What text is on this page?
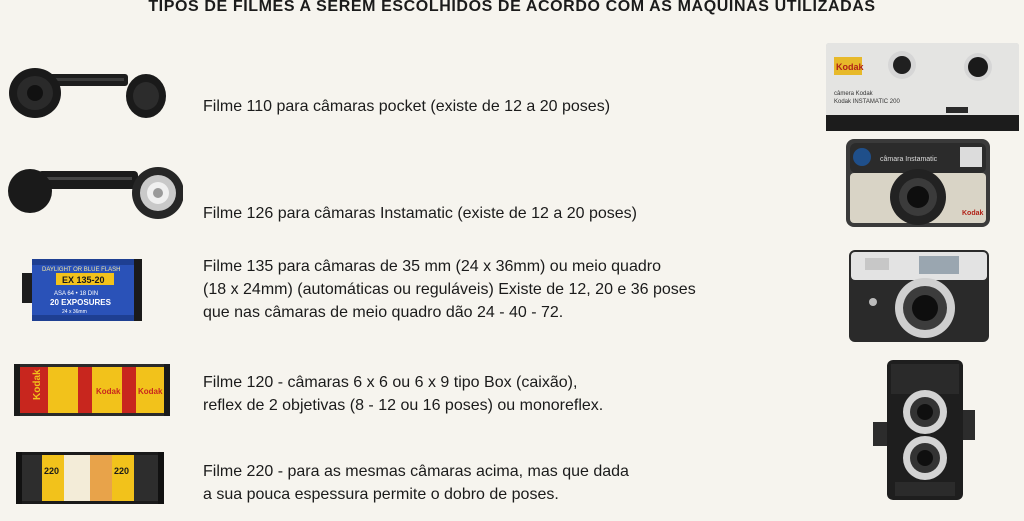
TIPOS DE FILMES A SEREM ESCOLHIDOS DE ACORDO COM AS MAQUINAS UTILIZADAS
Filme 110 para câmaras pocket (existe de 12 a 20 poses)
Kodak
câmera Kodak
Kodak INSTAMATIC 200
Filme 126 para câmaras Instamatic (existe de 12 a 20 poses)
câmara Instamatic
Kodak
DAYLIGHT OR BLUE FLASH
EX 135-20
ASA 64 • 18 DIN
20 EXPOSURES
24 x 36mm
Filme 135 para câmaras de 35 mm (24 x 36mm) ou meio quadro
(18 x 24mm) (automáticas ou reguláveis) Existe de 12, 20 e 36 poses
que nas câmaras de meio quadro dão 24 - 40 - 72.
Kodak	Kodak Kodak
Filme 120 - câmaras 6 x 6 ou 6 x 9 tipo Box (caixão),
reflex de 2 objetivas (8 - 12 ou 16 poses) ou monoreflex.
220	220	Filme 220 - para as mesmas câmaras acima, mas que dada
a sua pouca espessura permite o dobro de poses.
